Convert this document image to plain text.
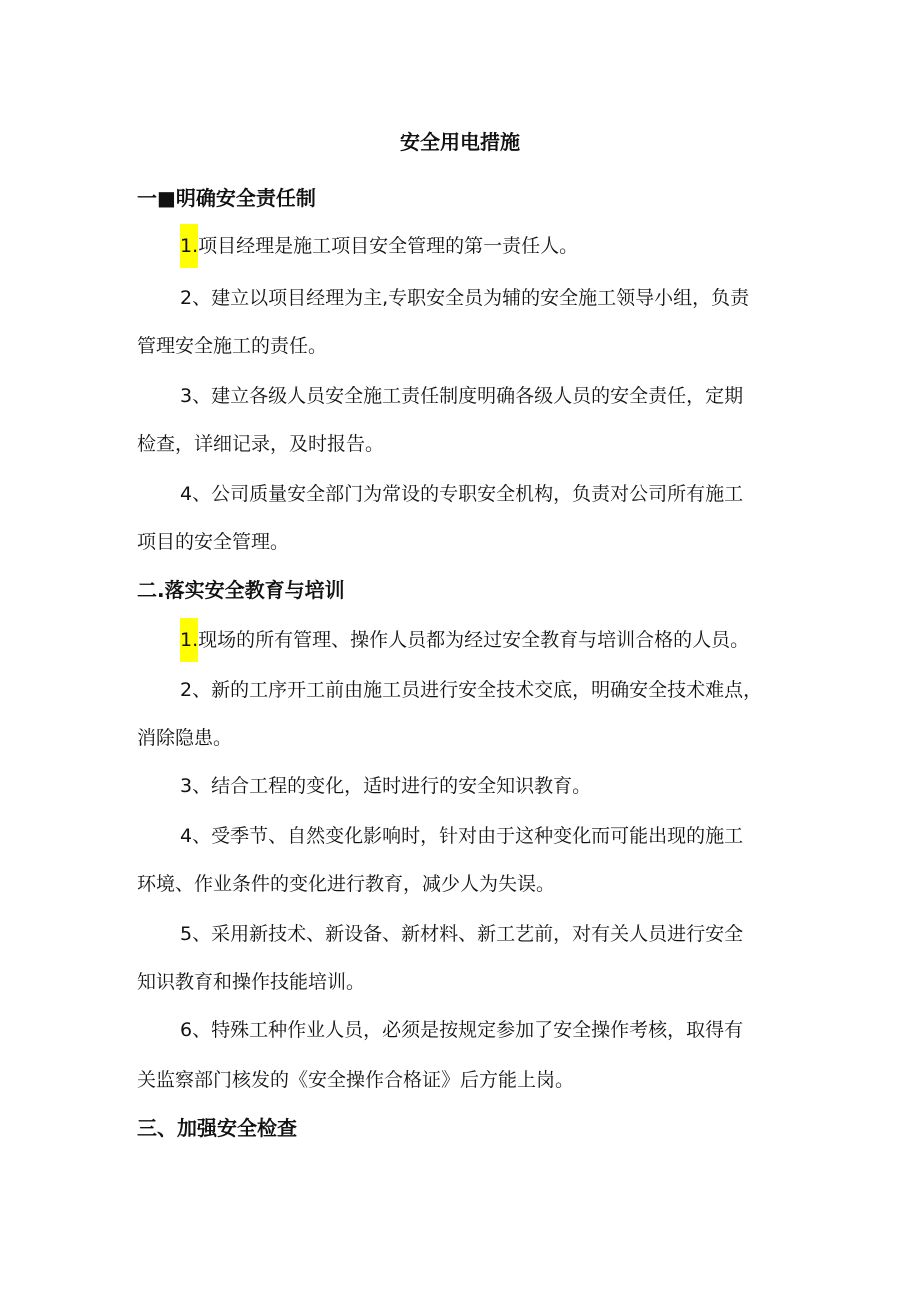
安全用电措施
一■明确安全责任制
1.项目经理是施工项目安全管理的第一责任人。
2、建立以项目经理为主,专职安全员为辅的安全施工领导小组，负责
管理安全施工的责任。
3、建立各级人员安全施工责任制度明确各级人员的安全责任，定期
检查，详细记录，及时报告。
4、公司质量安全部门为常设的专职安全机构，负责对公司所有施工
项目的安全管理。
二.落实安全教育与培训
1.现场的所有管理、操作人员都为经过安全教育与培训合格的人员。
2、新的工序开工前由施工员进行安全技术交底，明确安全技术难点，
消除隐患。
3、结合工程的变化，适时进行的安全知识教育。
4、受季节、自然变化影响时，针对由于这种变化而可能出现的施工
环境、作业条件的变化进行教育，减少人为失误。
5、采用新技术、新设备、新材料、新工艺前，对有关人员进行安全
知识教育和操作技能培训。
6、特殊工种作业人员，必须是按规定参加了安全操作考核，取得有
关监察部门核发的《安全操作合格证》后方能上岗。
三、加强安全检查
